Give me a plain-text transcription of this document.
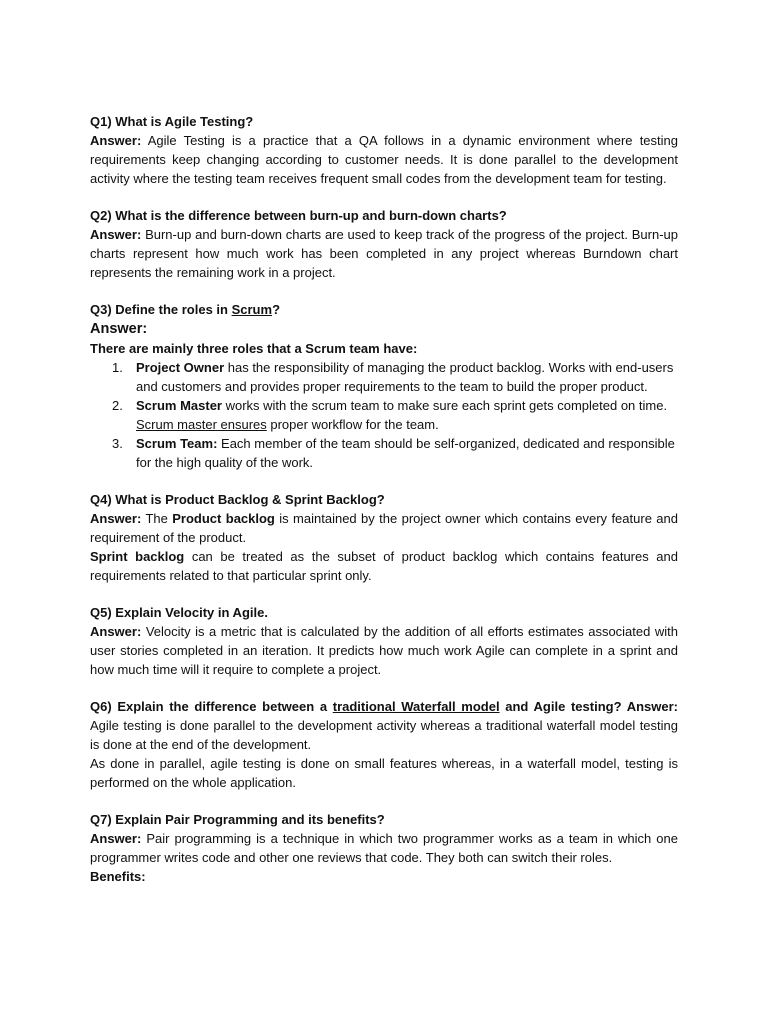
Q1) What is Agile Testing?

Answer: Agile Testing is a practice that a QA follows in a dynamic environment where testing requirements keep changing according to customer needs. It is done parallel to the development activity where the testing team receives frequent small codes from the development team for testing.

Q2) What is the difference between burn-up and burn-down charts?

Answer: Burn-up and burn-down charts are used to keep track of the progress of the project. Burn-up charts represent how much work has been completed in any project whereas Burndown chart represents the remaining work in a project.

Q3) Define the roles in Scrum?

Answer:

There are mainly three roles that a Scrum team have:

1. Project Owner has the responsibility of managing the product backlog. Works with end-users and customers and provides proper requirements to the team to build the proper product.
2. Scrum Master works with the scrum team to make sure each sprint gets completed on time. Scrum master ensures proper workflow for the team.
3. Scrum Team: Each member of the team should be self-organized, dedicated and responsible for the high quality of the work.

Q4) What is Product Backlog & Sprint Backlog?

Answer: The Product backlog is maintained by the project owner which contains every feature and requirement of the product.

Sprint backlog can be treated as the subset of product backlog which contains features and requirements related to that particular sprint only.

Q5) Explain Velocity in Agile.

Answer: Velocity is a metric that is calculated by the addition of all efforts estimates associated with user stories completed in an iteration. It predicts how much work Agile can complete in a sprint and how much time will it require to complete a project.

Q6) Explain the difference between a traditional Waterfall model and Agile testing? Answer: Agile testing is done parallel to the development activity whereas a traditional waterfall model testing is done at the end of the development.

As done in parallel, agile testing is done on small features whereas, in a waterfall model, testing is performed on the whole application.

Q7) Explain Pair Programming and its benefits?

Answer: Pair programming is a technique in which two programmer works as a team in which one programmer writes code and other one reviews that code. They both can switch their roles.

Benefits:
